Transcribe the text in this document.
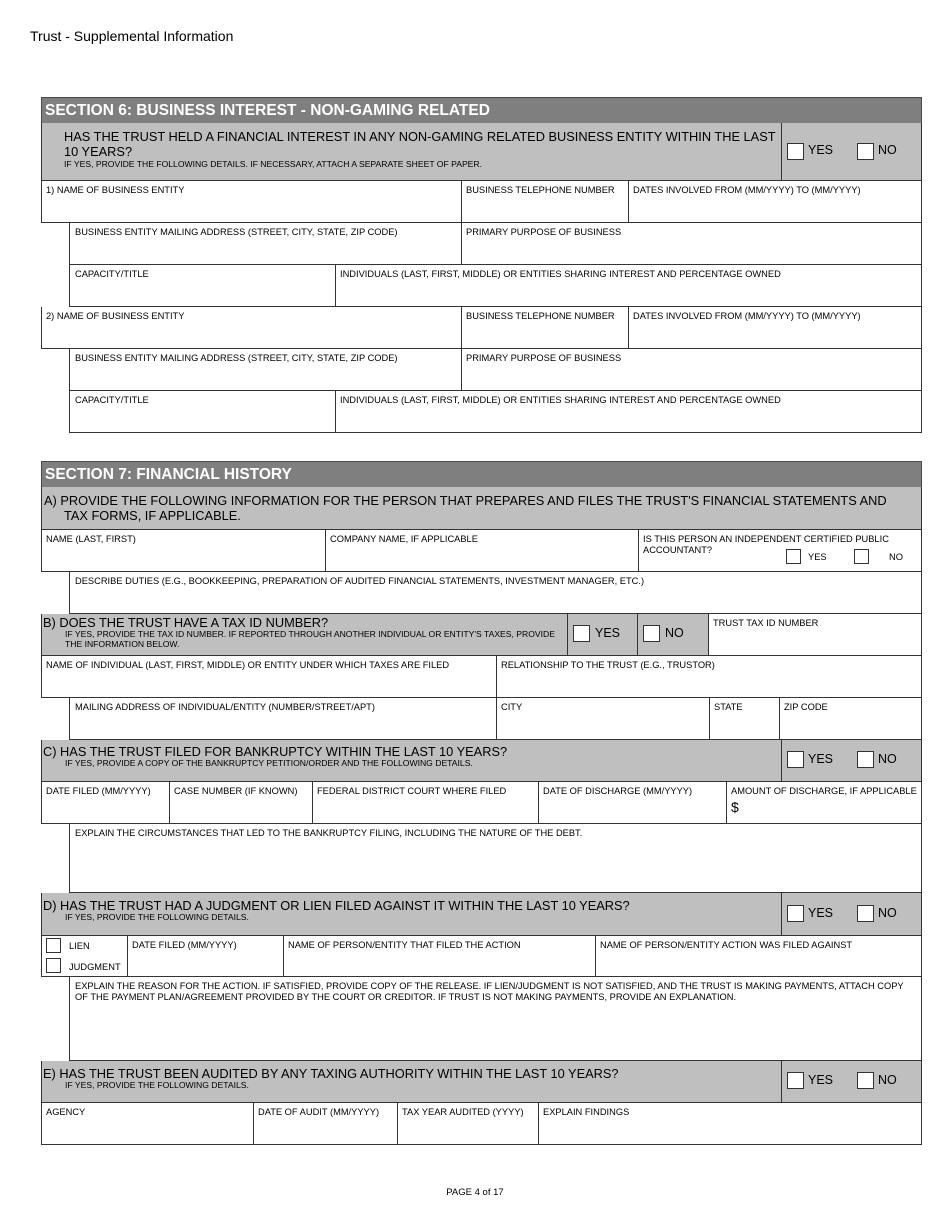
Trust - Supplemental Information
SECTION 6: BUSINESS INTEREST - NON-GAMING RELATED
HAS THE TRUST HELD A FINANCIAL INTEREST IN ANY NON-GAMING RELATED BUSINESS ENTITY WITHIN THE LAST 10 YEARS?
IF YES, PROVIDE THE FOLLOWING DETAILS. IF NECESSARY, ATTACH A SEPARATE SHEET OF PAPER.
YES	NO
1) NAME OF BUSINESS ENTITY	BUSINESS TELEPHONE NUMBER	DATES INVOLVED FROM (MM/YYYY) TO (MM/YYYY)
BUSINESS ENTITY MAILING ADDRESS (STREET, CITY, STATE, ZIP CODE)	PRIMARY PURPOSE OF BUSINESS
CAPACITY/TITLE	INDIVIDUALS (LAST, FIRST, MIDDLE) OR ENTITIES SHARING INTEREST AND PERCENTAGE OWNED
2) NAME OF BUSINESS ENTITY	BUSINESS TELEPHONE NUMBER	DATES INVOLVED FROM (MM/YYYY) TO (MM/YYYY)
BUSINESS ENTITY MAILING ADDRESS (STREET, CITY, STATE, ZIP CODE)	PRIMARY PURPOSE OF BUSINESS
CAPACITY/TITLE	INDIVIDUALS (LAST, FIRST, MIDDLE) OR ENTITIES SHARING INTEREST AND PERCENTAGE OWNED
SECTION 7: FINANCIAL HISTORY
A) PROVIDE THE FOLLOWING INFORMATION FOR THE PERSON THAT PREPARES AND FILES THE TRUST'S FINANCIAL STATEMENTS AND TAX FORMS, IF APPLICABLE.
NAME (LAST, FIRST)	COMPANY NAME, IF APPLICABLE	IS THIS PERSON AN INDEPENDENT CERTIFIED PUBLIC ACCOUNTANT?
YES	NO
DESCRIBE DUTIES (E.G., BOOKKEEPING, PREPARATION OF AUDITED FINANCIAL STATEMENTS, INVESTMENT MANAGER, ETC.)
B) DOES THE TRUST HAVE A TAX ID NUMBER?
IF YES, PROVIDE THE TAX ID NUMBER. IF REPORTED THROUGH ANOTHER INDIVIDUAL OR ENTITY'S TAXES, PROVIDE THE INFORMATION BELOW.
YES	NO
TRUST TAX ID NUMBER
NAME OF INDIVIDUAL (LAST, FIRST, MIDDLE) OR ENTITY UNDER WHICH TAXES ARE FILED	RELATIONSHIP TO THE TRUST (E.G., TRUSTOR)
MAILING ADDRESS OF INDIVIDUAL/ENTITY (NUMBER/STREET/APT)	CITY	STATE	ZIP CODE
C) HAS THE TRUST FILED FOR BANKRUPTCY WITHIN THE LAST 10 YEARS?
IF YES, PROVIDE A COPY OF THE BANKRUPTCY PETITION/ORDER AND THE FOLLOWING DETAILS.	YES	NO
DATE FILED (MM/YYYY)	CASE NUMBER (IF KNOWN)	FEDERAL DISTRICT COURT WHERE FILED	DATE OF DISCHARGE (MM/YYYY)	AMOUNT OF DISCHARGE, IF APPLICABLE
$
EXPLAIN THE CIRCUMSTANCES THAT LED TO THE BANKRUPTCY FILING, INCLUDING THE NATURE OF THE DEBT.
D) HAS THE TRUST HAD A JUDGMENT OR LIEN FILED AGAINST IT WITHIN THE LAST 10 YEARS?
IF YES, PROVIDE THE FOLLOWING DETAILS.	YES	NO
LIEN
JUDGMENT
DATE FILED (MM/YYYY)	NAME OF PERSON/ENTITY THAT FILED THE ACTION	NAME OF PERSON/ENTITY ACTION WAS FILED AGAINST
EXPLAIN THE REASON FOR THE ACTION. IF SATISFIED, PROVIDE COPY OF THE RELEASE. IF LIEN/JUDGMENT IS NOT SATISFIED, AND THE TRUST IS MAKING PAYMENTS, ATTACH COPY OF THE PAYMENT PLAN/AGREEMENT PROVIDED BY THE COURT OR CREDITOR. IF TRUST IS NOT MAKING PAYMENTS, PROVIDE AN EXPLANATION.
E) HAS THE TRUST BEEN AUDITED BY ANY TAXING AUTHORITY WITHIN THE LAST 10 YEARS?
IF YES, PROVIDE THE FOLLOWING DETAILS.	YES	NO
AGENCY	DATE OF AUDIT (MM/YYYY)	TAX YEAR AUDITED (YYYY)	EXPLAIN FINDINGS
PAGE 4 of 17
